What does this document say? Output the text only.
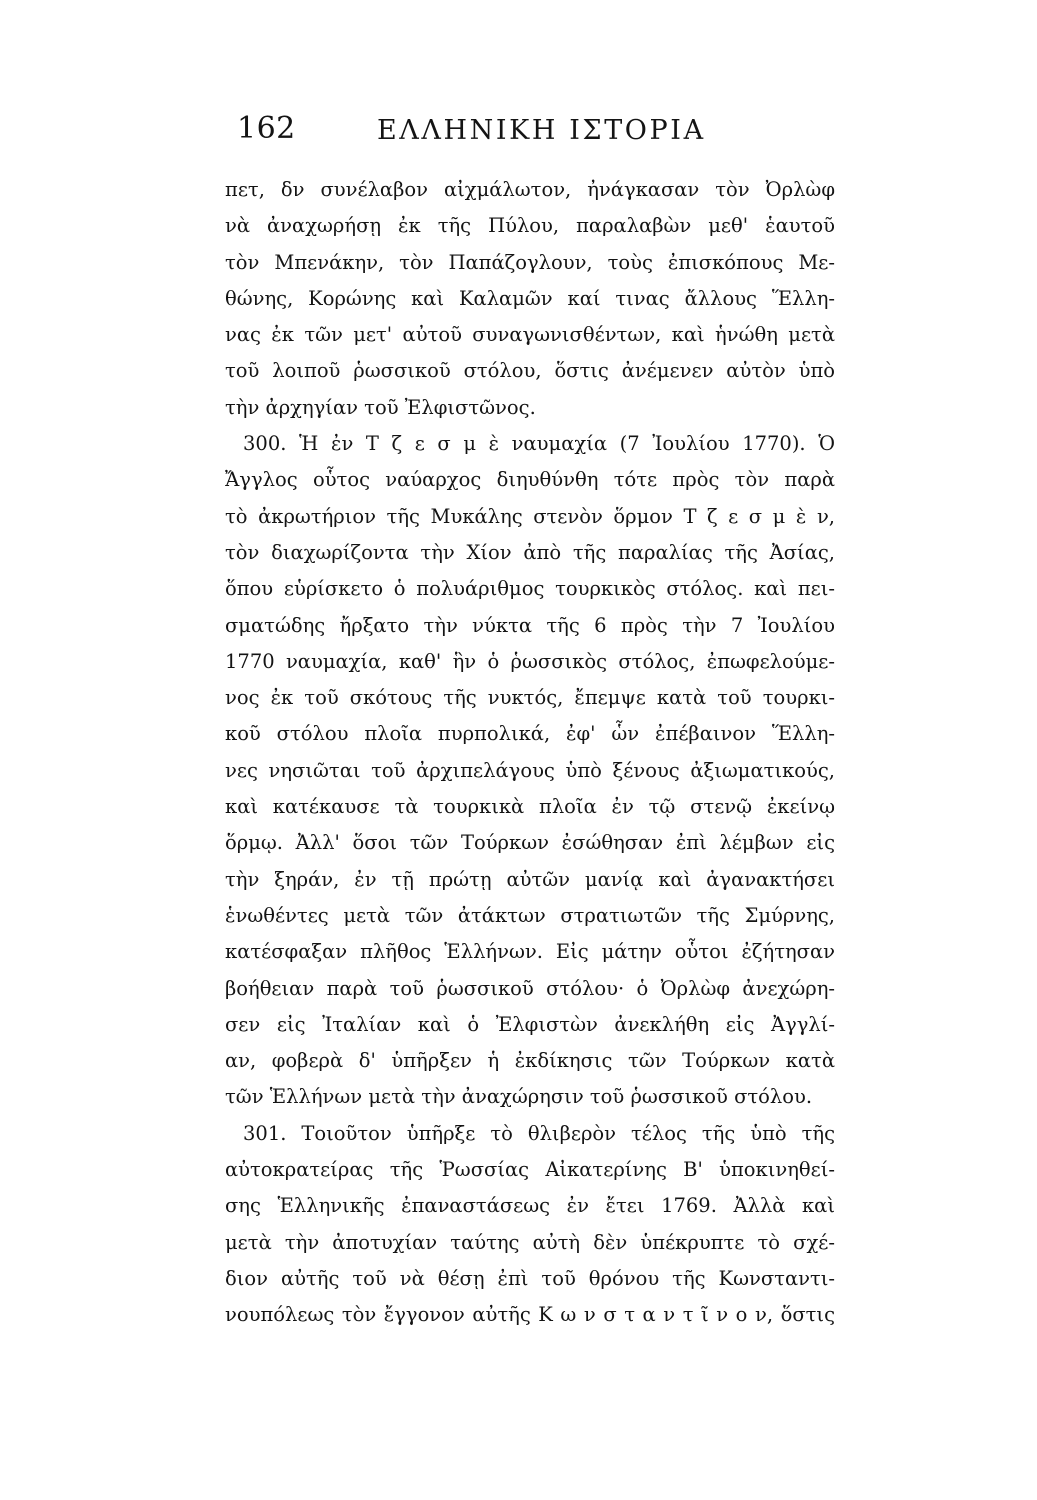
162	ΕΛΛΗΝΙΚΗ ΙΣΤΟΡΙΑ
πετ, δν συνέλαβον αἰχμάλωτον, ἠνάγκασαν τὸν Ὀρλὼφ
νὰ ἀναχωρήσῃ ἐκ τῆς Πύλου, παραλαβὼν μεθ' ἑαυτοῦ
τὸν Μπενάκην, τὸν Παπάζογλουν, τοὺς ἐπισκόπους Με-
θώνης, Κορώνης καὶ Καλαμῶν καί τινας ἄλλους Ἕλλη-
νας ἐκ τῶν μετ' αὐτοῦ συναγωνισθέντων, καὶ ἡνώθη μετὰ
τοῦ λοιποῦ ῥωσσικοῦ στόλου, ὅστις ἀνέμενεν αὐτὸν ὑπὸ
τὴν ἀρχηγίαν τοῦ Ἐλφιστῶνος.
300. Ἡ ἐν Τ ζ ε σ μ ὲ ναυμαχία (7 Ἰουλίου 1770). Ὁ
Ἄγγλος οὗτος ναύαρχος διηυθύνθη τότε πρὸς τὸν παρὰ
τὸ ἀκρωτήριον τῆς Μυκάλης στενὸν ὅρμον Τ ζ ε σ μ ὲ ν,
τὸν διαχωρίζοντα τὴν Χίον ἀπὸ τῆς παραλίας τῆς Ἀσίας,
ὅπου εὑρίσκετο ὁ πολυάριθμος τουρκικὸς στόλος. καὶ πει-
σματώδης ἤρξατο τὴν νύκτα τῆς 6 πρὸς τὴν 7 Ἰουλίου
1770 ναυμαχία, καθ' ἣν ὁ ῥωσσικὸς στόλος, ἐπωφελούμε-
νος ἐκ τοῦ σκότους τῆς νυκτός, ἔπεμψε κατὰ τοῦ τουρκι-
κοῦ στόλου πλοῖα πυρπολικά, ἐφ' ὧν ἐπέβαινον Ἕλλη-
νες νησιῶται τοῦ ἀρχιπελάγους ὑπὸ ξένους ἀξιωματικούς,
καὶ κατέκαυσε τὰ τουρκικὰ πλοῖα ἐν τῷ στενῷ ἐκείνῳ
ὅρμῳ. Ἀλλ' ὅσοι τῶν Τούρκων ἐσώθησαν ἐπὶ λέμβων εἰς
τὴν ξηράν, ἐν τῇ πρώτῃ αὐτῶν μανίᾳ καὶ ἀγανακτήσει
ἑνωθέντες μετὰ τῶν ἀτάκτων στρατιωτῶν τῆς Σμύρνης,
κατέσφαξαν πλῆθος Ἑλλήνων. Εἰς μάτην οὗτοι ἐζήτησαν
βοήθειαν παρὰ τοῦ ῥωσσικοῦ στόλου· ὁ Ὀρλὼφ ἀνεχώρη-
σεν εἰς Ἰταλίαν καὶ ὁ Ἐλφιστὼν ἀνεκλήθη εἰς Ἀγγλί-
αν, φοβερὰ δ' ὑπῆρξεν ἡ ἐκδίκησις τῶν Τούρκων κατὰ
τῶν Ἑλλήνων μετὰ τὴν ἀναχώρησιν τοῦ ῥωσσικοῦ στόλου.
301. Τοιοῦτον ὑπῆρξε τὸ θλιβερὸν τέλος τῆς ὑπὸ τῆς
αὐτοκρατείρας τῆς Ῥωσσίας Αἰκατερίνης Β' ὑποκινηθεί-
σης Ἑλληνικῆς ἐπαναστάσεως ἐν ἔτει 1769. Ἀλλὰ καὶ
μετὰ τὴν ἀποτυχίαν ταύτης αὐτὴ δὲν ὑπέκρυπτε τὸ σχέ-
διον αὐτῆς τοῦ νὰ θέσῃ ἐπὶ τοῦ θρόνου τῆς Κωνσταντι-
νουπόλεως τὸν ἔγγονον αὐτῆς Κ ω ν σ τ α ν τ ῖ ν ο ν, ὅστις
